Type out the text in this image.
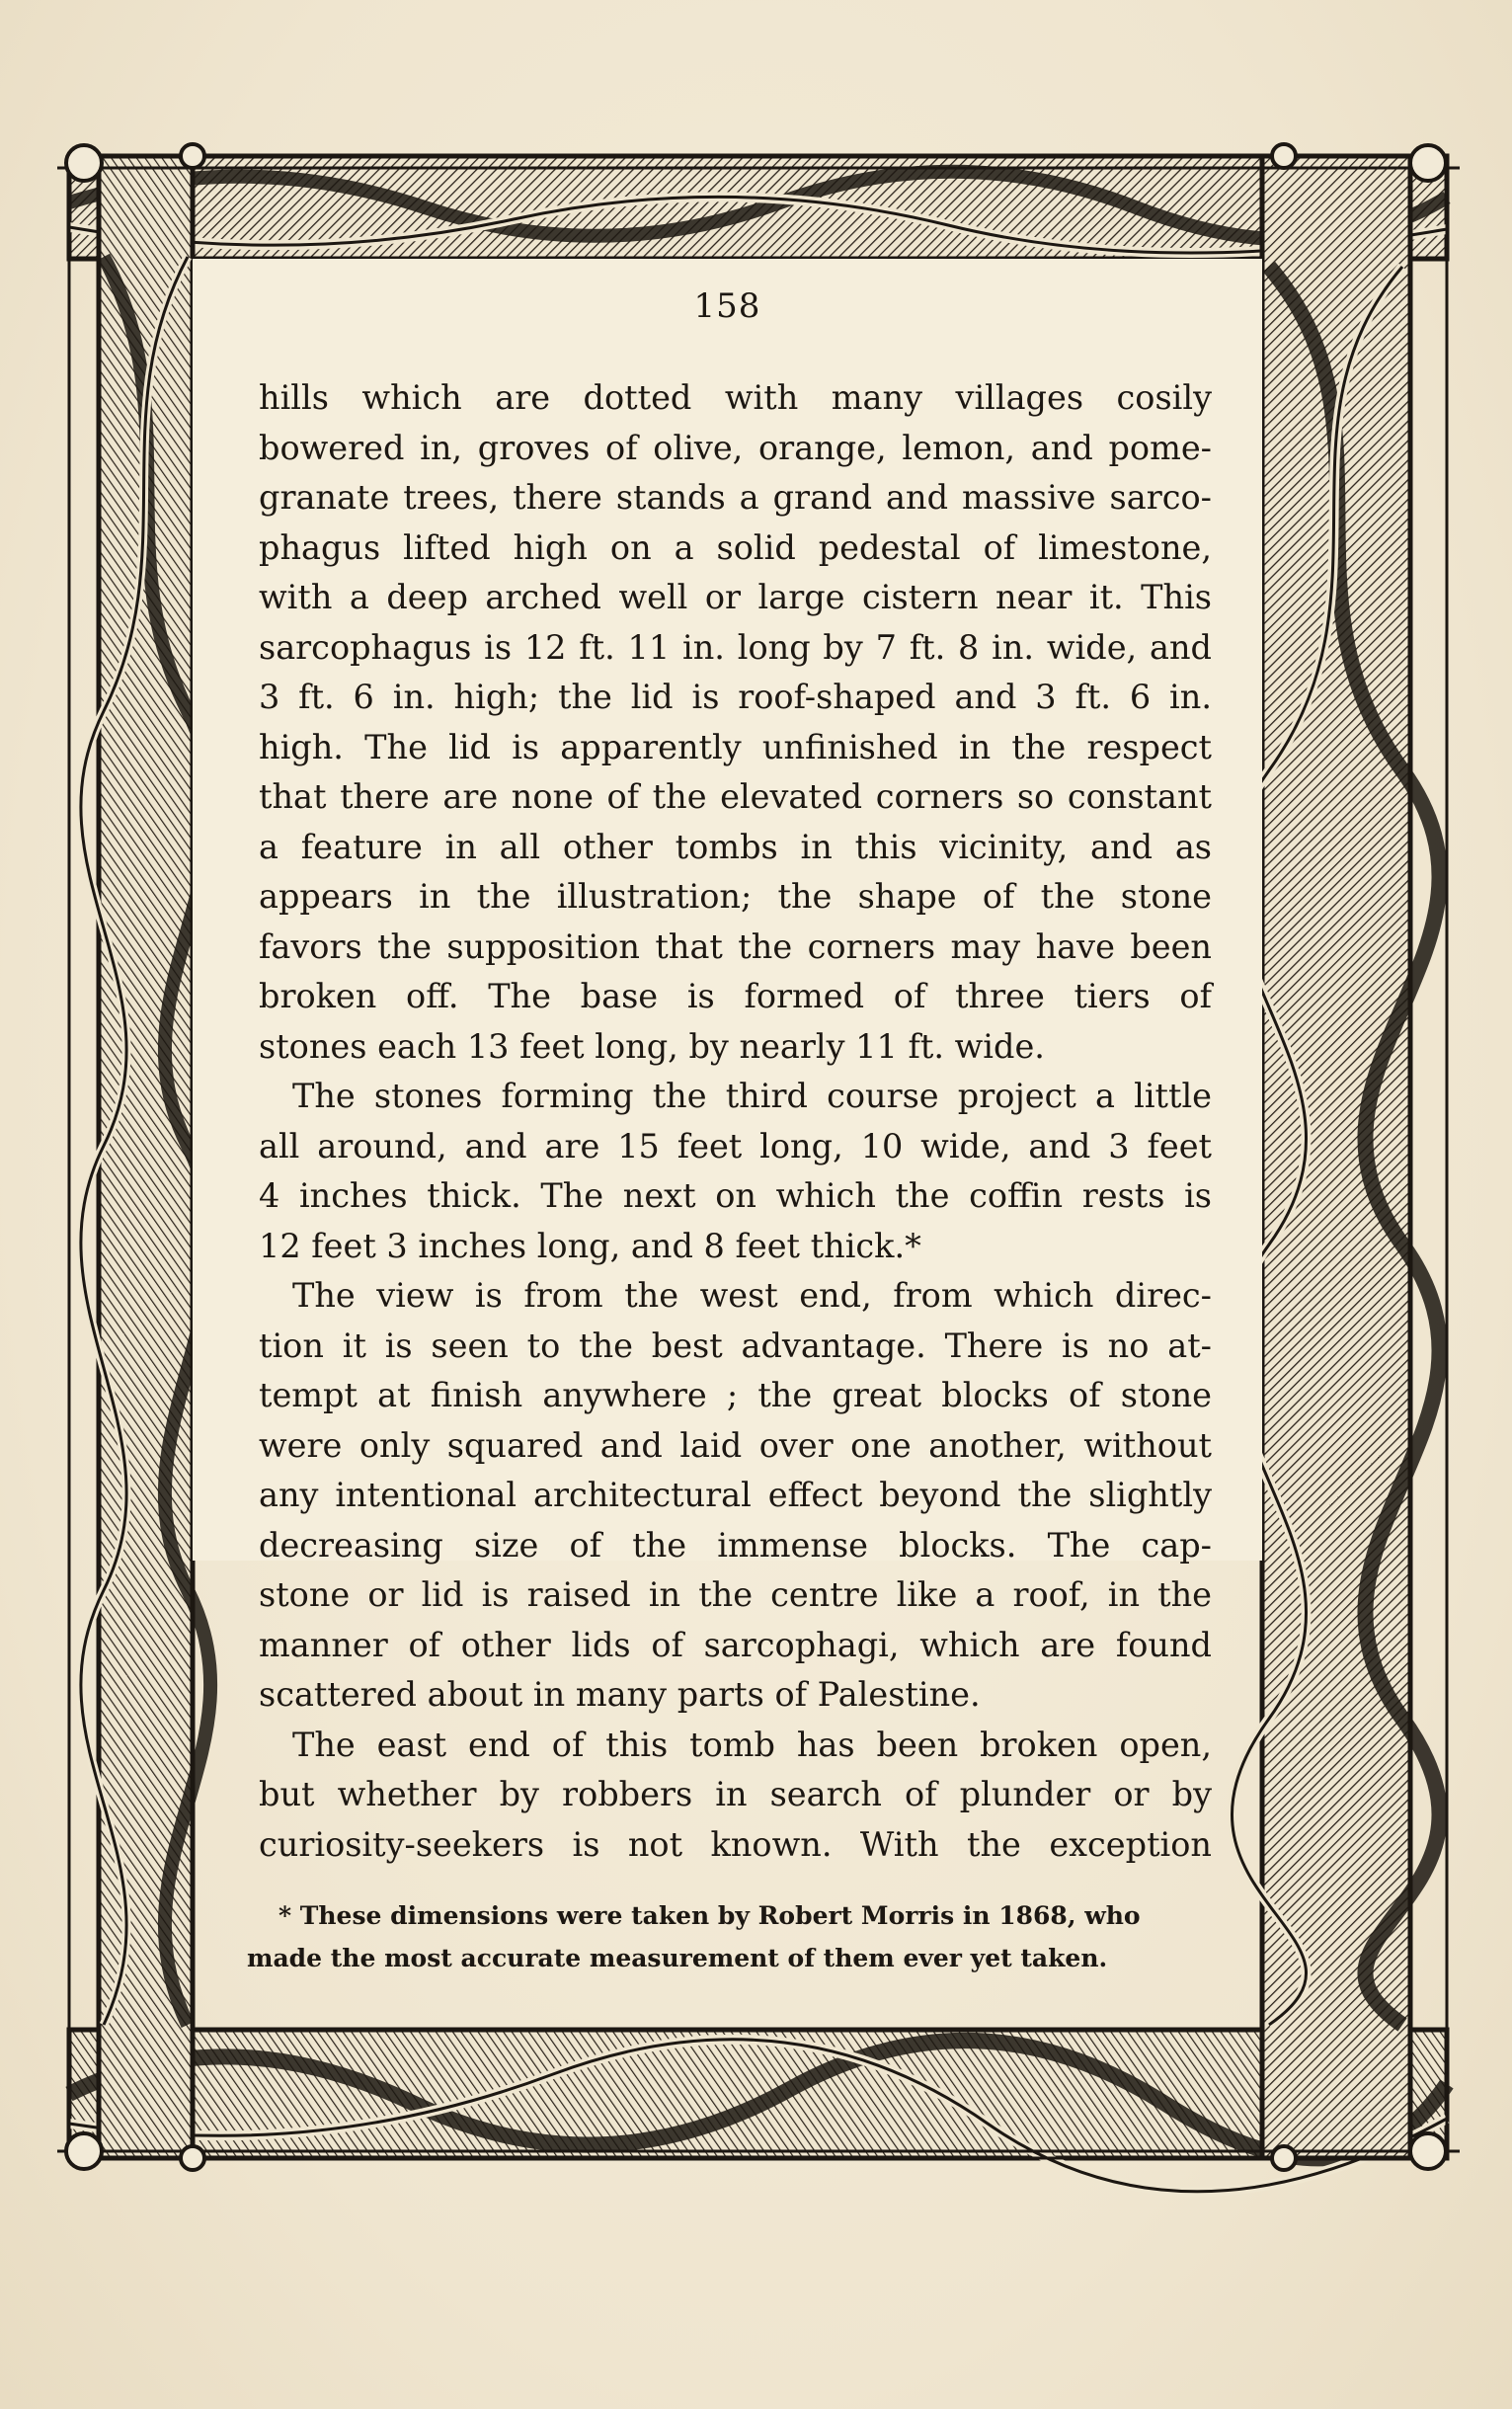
158
hills which are dotted with many villages cosily
bowered in, groves of olive, orange, lemon, and pome-
granate trees, there stands a grand and massive sarco-
phagus lifted high on a solid pedestal of limestone,
with a deep arched well or large cistern near it. This
sarcophagus is 12 ft. 11 in. long by 7 ft. 8 in. wide, and
3 ft. 6 in. high; the lid is roof-shaped and 3 ft. 6 in.
high. The lid is apparently unfinished in the respect
that there are none of the elevated corners so constant
a feature in all other tombs in this vicinity, and as
appears in the illustration; the shape of the stone
favors the supposition that the corners may have been
broken off. The base is formed of three tiers of
stones each 13 feet long, by nearly 11 ft. wide.
The stones forming the third course project a little
all around, and are 15 feet long, 10 wide, and 3 feet
4 inches thick. The next on which the coffin rests is
12 feet 3 inches long, and 8 feet thick.*
The view is from the west end, from which direc-
tion it is seen to the best advantage. There is no at-
tempt at finish anywhere ; the great blocks of stone
were only squared and laid over one another, without
any intentional architectural effect beyond the slightly
decreasing size of the immense blocks. The cap-
stone or lid is raised in the centre like a roof, in the
manner of other lids of sarcophagi, which are found
scattered about in many parts of Palestine.
The east end of this tomb has been broken open,
but whether by robbers in search of plunder or by
curiosity-seekers is not known. With the exception
* These dimensions were taken by Robert Morris in 1868, who
made the most accurate measurement of them ever yet taken.
